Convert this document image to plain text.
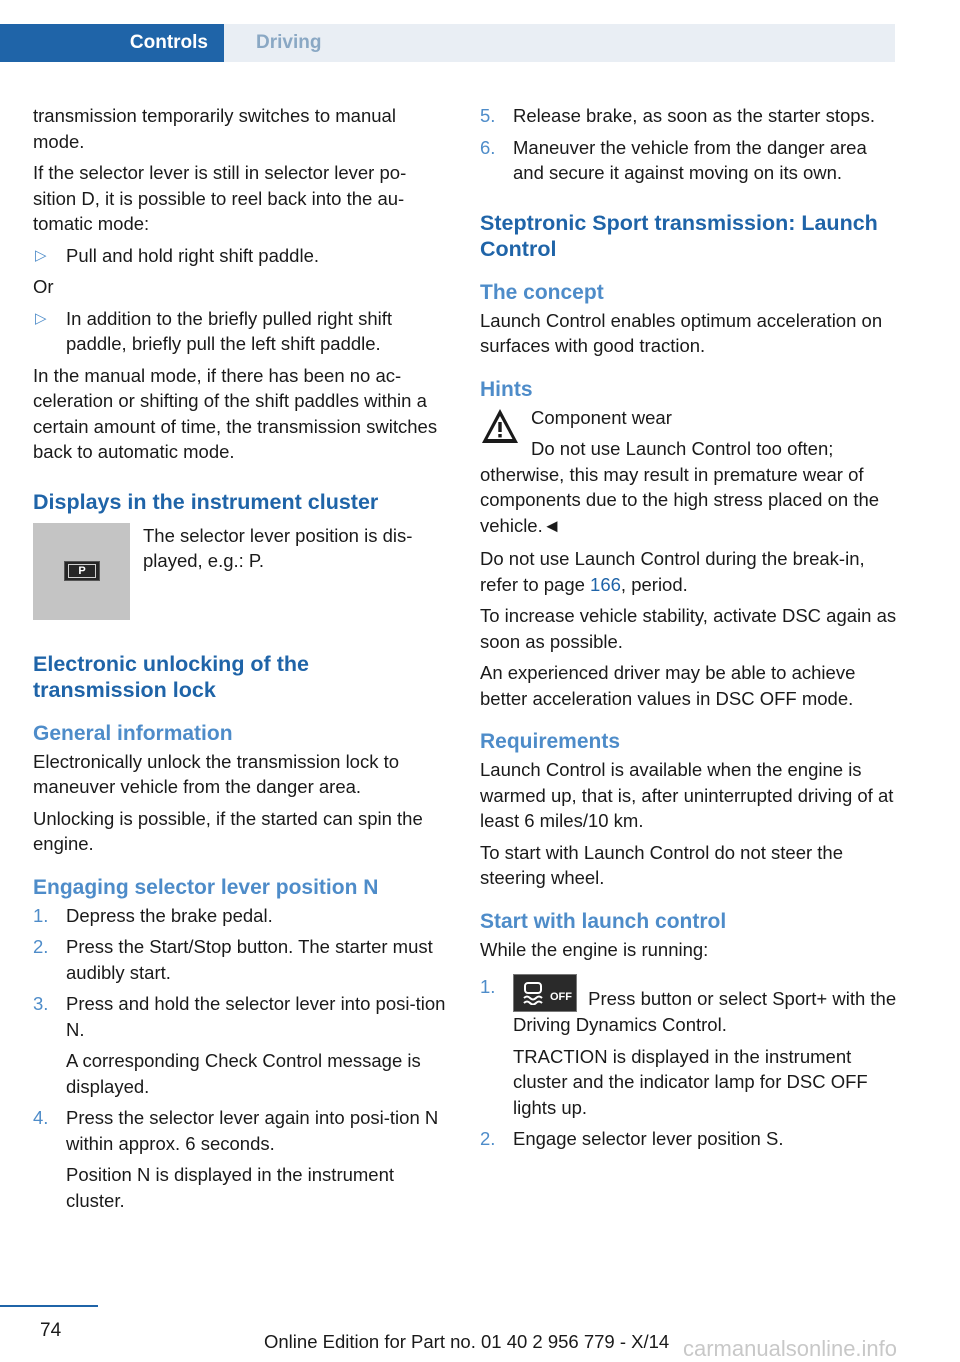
Controls	Driving

transmission temporarily switches to manual mode.

If the selector lever is still in selector lever po-sition D, it is possible to reel back into the au-tomatic mode:

▷ Pull and hold right shift paddle.

Or

▷ In addition to the briefly pulled right shift paddle, briefly pull the left shift paddle.

In the manual mode, if there has been no ac-celeration or shifting of the shift paddles within a certain amount of time, the transmission switches back to automatic mode.

Displays in the instrument cluster
P
The selector lever position is dis-played, e.g.: P.
Electronic unlocking of the transmission lock
General information

Electronically unlock the transmission lock to maneuver vehicle from the danger area.

Unlocking is possible, if the started can spin the engine.

Engaging selector lever position N
1. Depress the brake pedal.
2. Press the Start/Stop button. The starter must audibly start.
3. Press and hold the selector lever into posi-tion N.
A corresponding Check Control message is displayed.
4. Press the selector lever again into posi-tion N within approx. 6 seconds.
Position N is displayed in the instrument cluster.
5. Release brake, as soon as the starter stops.
6. Maneuver the vehicle from the danger area and secure it against moving on its own.
Steptronic Sport transmission: Launch Control
The concept

Launch Control enables optimum acceleration on surfaces with good traction.

Hints

Component wear

Do not use Launch Control too often;

otherwise, this may result in premature wear of components due to the high stress placed on the vehicle.◄

Do not use Launch Control during the break-in, refer to page 166, period.

To increase vehicle stability, activate DSC again as soon as possible.

An experienced driver may be able to achieve better acceleration values in DSC OFF mode.

Requirements

Launch Control is available when the engine is warmed up, that is, after uninterrupted driving of at least 6 miles/10 km.

To start with Launch Control do not steer the steering wheel.

Start with launch control

While the engine is running:

1.	OFF Press button or select Sport+ with the Driving Dynamics Control.
TRACTION is displayed in the instrument cluster and the indicator lamp for DSC OFF lights up.
2. Engage selector lever position S.
74
Online Edition for Part no. 01 40 2 956 779 - X/14 carmanualsonline.info
